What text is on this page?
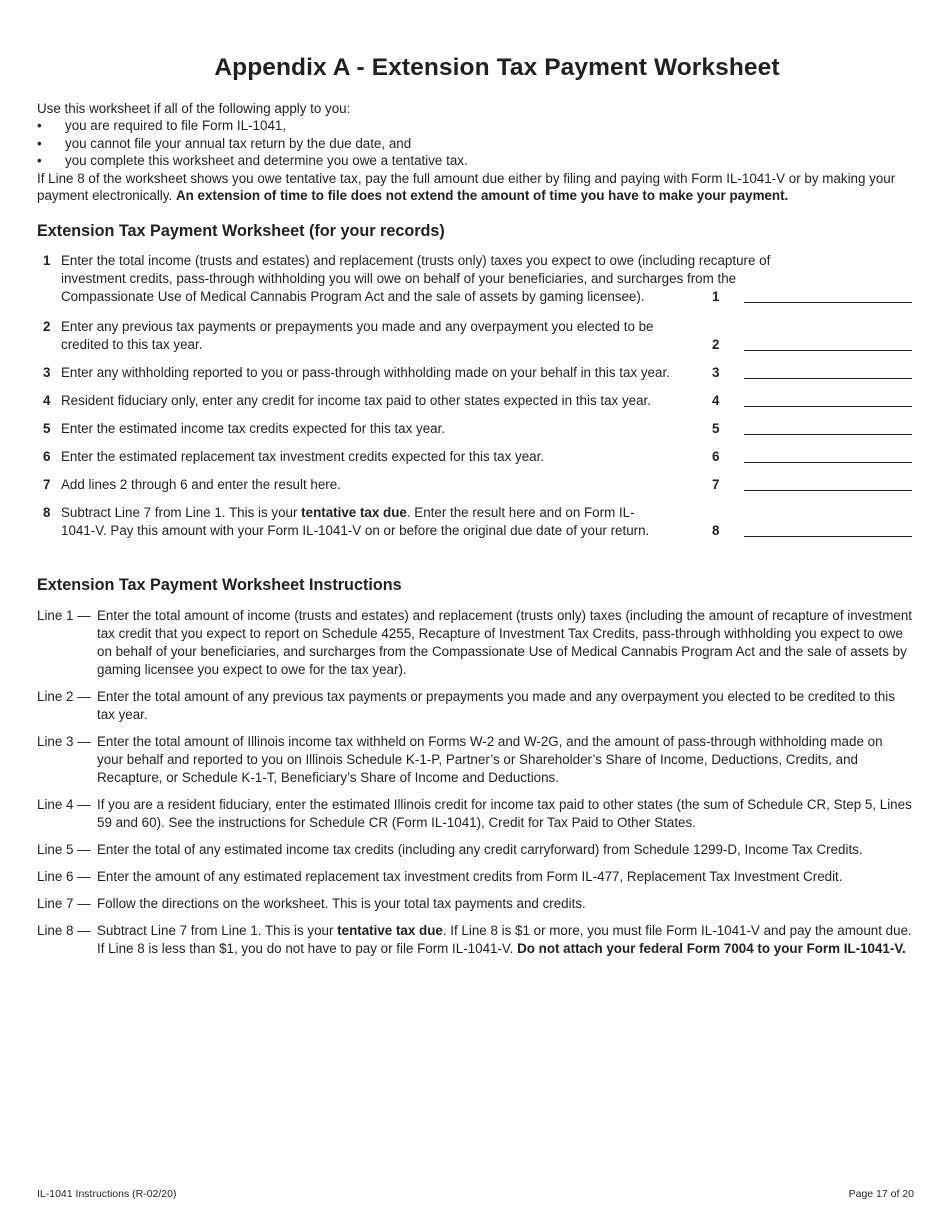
Appendix A - Extension Tax Payment Worksheet

Use this worksheet if all of the following apply to you:

• you are required to file Form IL-1041,
• you cannot file your annual tax return by the due date, and
• you complete this worksheet and determine you owe a tentative tax.

If Line 8 of the worksheet shows you owe tentative tax, pay the full amount due either by filing and paying with Form IL-1041-V or by making your payment electronically. An extension of time to file does not extend the amount of time you have to make your payment.

Extension Tax Payment Worksheet (for your records)
1 Enter the total income (trusts and estates) and replacement (trusts only) taxes you expect to owe (including recapture of investment credits, pass-through withholding you will owe on behalf of your beneficiaries, and surcharges from the Compassionate Use of Medical Cannabis Program Act and the sale of assets by gaming licensee).	1
2 Enter any previous tax payments or prepayments you made and any overpayment you elected to be credited to this tax year.	2
3 Enter any withholding reported to you or pass-through withholding made on your behalf in this tax year.	3
4 Resident fiduciary only, enter any credit for income tax paid to other states expected in this tax year.	4
5 Enter the estimated income tax credits expected for this tax year.	5
6 Enter the estimated replacement tax investment credits expected for this tax year.	6
7 Add lines 2 through 6 and enter the result here.	7
8 Subtract Line 7 from Line 1. This is your tentative tax due. Enter the result here and on Form IL-1041-V. Pay this amount with your Form IL-1041-V on or before the original due date of your return.	8
Extension Tax Payment Worksheet Instructions
Line 1 — Enter the total amount of income (trusts and estates) and replacement (trusts only) taxes (including the amount of recapture of investment tax credit that you expect to report on Schedule 4255, Recapture of Investment Tax Credits, pass-through withholding you expect to owe on behalf of your beneficiaries, and surcharges from the Compassionate Use of Medical Cannabis Program Act and the sale of assets by gaming licensee you expect to owe for the tax year).
Line 2 — Enter the total amount of any previous tax payments or prepayments you made and any overpayment you elected to be credited to this tax year.
Line 3 — Enter the total amount of Illinois income tax withheld on Forms W-2 and W-2G, and the amount of pass-through withholding made on your behalf and reported to you on Illinois Schedule K-1-P, Partner’s or Shareholder’s Share of Income, Deductions, Credits, and Recapture, or Schedule K-1-T, Beneficiary’s Share of Income and Deductions.
Line 4 — If you are a resident fiduciary, enter the estimated Illinois credit for income tax paid to other states (the sum of Schedule CR, Step 5, Lines 59 and 60). See the instructions for Schedule CR (Form IL-1041), Credit for Tax Paid to Other States.
Line 5 — Enter the total of any estimated income tax credits (including any credit carryforward) from Schedule 1299-D, Income Tax Credits.
Line 6 — Enter the amount of any estimated replacement tax investment credits from Form IL-477, Replacement Tax Investment Credit.
Line 7 — Follow the directions on the worksheet. This is your total tax payments and credits.
Line 8 — Subtract Line 7 from Line 1. This is your tentative tax due. If Line 8 is $1 or more, you must file Form IL-1041-V and pay the amount due. If Line 8 is less than $1, you do not have to pay or file Form IL-1041-V. Do not attach your federal Form 7004 to your Form IL-1041-V.
IL-1041 Instructions (R-02/20)	Page 17 of 20
